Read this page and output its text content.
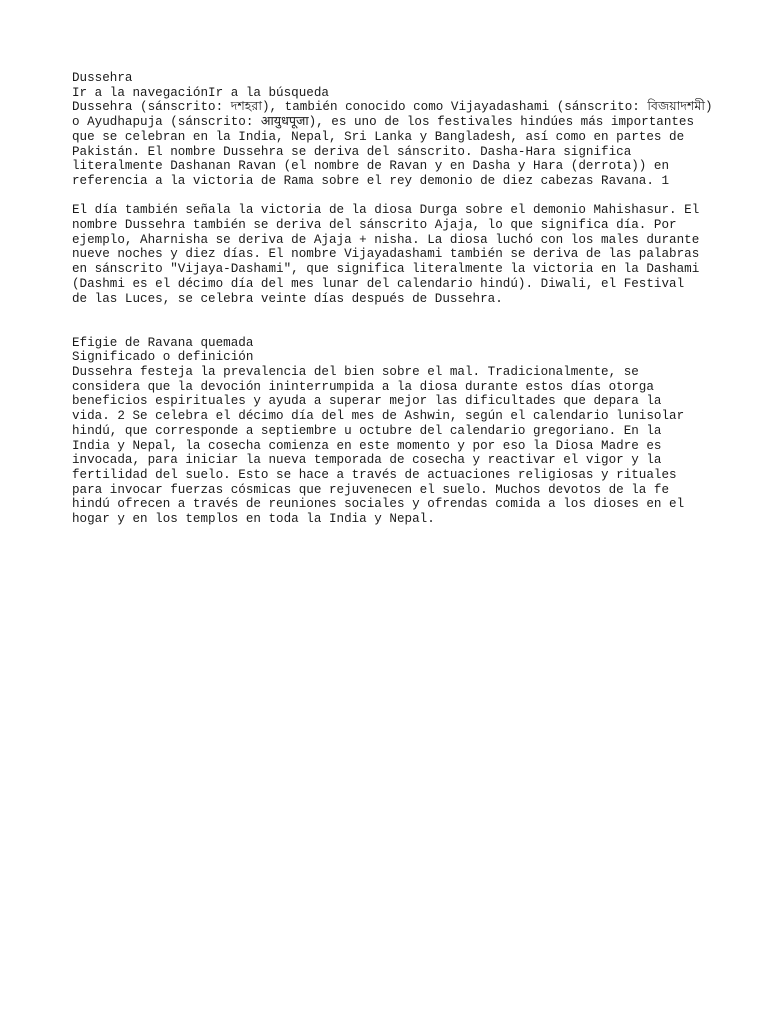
Dussehra
Ir a la navegaciónIr a la búsqueda
Dussehra (sánscrito: দশহরা), también conocido como Vijayadashami (sánscrito: বিজয়াদশমী)
o Ayudhapuja (sánscrito: आयुधपूजा), es uno de los festivales hindúes más importantes
que se celebran en la India, Nepal, Sri Lanka y Bangladesh, así como en partes de
Pakistán. El nombre Dussehra se deriva del sánscrito. Dasha-Hara significa
literalmente Dashanan Ravan (el nombre de Ravan y en Dasha y Hara (derrota)) en
referencia a la victoria de Rama sobre el rey demonio de diez cabezas Ravana. 1
El día también señala la victoria de la diosa Durga sobre el demonio Mahishasur. El
nombre Dussehra también se deriva del sánscrito Ajaja, lo que significa día. Por
ejemplo, Aharnisha se deriva de Ajaja + nisha. La diosa luchó con los males durante
nueve noches y diez días. El nombre Vijayadashami también se deriva de las palabras
en sánscrito "Vijaya-Dashami", que significa literalmente la victoria en la Dashami
(Dashmi es el décimo día del mes lunar del calendario hindú). Diwali, el Festival
de las Luces, se celebra veinte días después de Dussehra.
Efigie de Ravana quemada
Significado o definición
Dussehra festeja la prevalencia del bien sobre el mal. Tradicionalmente, se
considera que la devoción ininterrumpida a la diosa durante estos días otorga
beneficios espirituales y ayuda a superar mejor las dificultades que depara la
vida. 2 Se celebra el décimo día del mes de Ashwin, según el calendario lunisolar
hindú, que corresponde a septiembre u octubre del calendario gregoriano. En la
India y Nepal, la cosecha comienza en este momento y por eso la Diosa Madre es
invocada, para iniciar la nueva temporada de cosecha y reactivar el vigor y la
fertilidad del suelo. Esto se hace a través de actuaciones religiosas y rituales
para invocar fuerzas cósmicas que rejuvenecen el suelo. Muchos devotos de la fe
hindú ofrecen a través de reuniones sociales y ofrendas comida a los dioses en el
hogar y en los templos en toda la India y Nepal.
